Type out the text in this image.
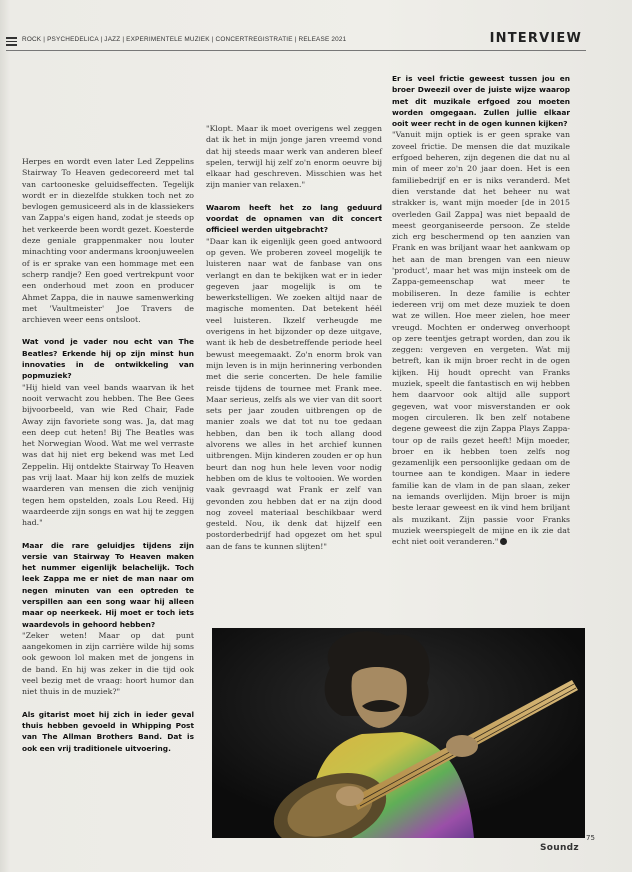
ROCK | PSYCHEDELICA | JAZZ | EXPERIMENTELE MUZIEK | CONCERTREGISTRATIE | RELEASE 2021	INTERVIEW

Herpes en wordt even later Led Zeppelins Stairway To Heaven gedecoreerd met tal van cartooneske geluidseffecten. Tegelijk wordt er in diezelfde stukken toch net zo bevlogen gemusiceerd als in de klassiekers van Zappa's eigen hand, zodat je steeds op het verkeerde been wordt gezet. Koesterde deze geniale grappenmaker nou louter minachting voor andermans kroonjuweelen of is er sprake van een hommage met een scherp randje? Een goed vertrekpunt voor een onderhoud met zoon en producer Ahmet Zappa, die in nauwe samenwerking met 'Vaultmeister' Joe Travers de archieven weer eens ontsloot.

Wat vond je vader nou echt van The Beatles? Erkende hij op zijn minst hun innovaties in de ontwikkeling van popmuziek?

"Hij hield van veel bands waarvan ik het nooit verwacht zou hebben. The Bee Gees bijvoorbeeld, van wie Red Chair, Fade Away zijn favoriete song was. Ja, dat mag een deep cut heten! Bij The Beatles was het Norwegian Wood. Wat me wel verraste was dat hij niet erg bekend was met Led Zeppelin. Hij ontdekte Stairway To Heaven pas vrij laat. Maar hij kon zelfs de muziek waarderen van mensen die zich venijnig tegen hem opstelden, zoals Lou Reed. Hij waardeerde zijn songs en wat hij te zeggen had."

Maar die rare geluidjes tijdens zijn versie van Stairway To Heaven maken het nummer eigenlijk belachelijk. Toch leek Zappa me er niet de man naar om negen minuten van een optreden te verspillen aan een song waar hij alleen maar op neerkeek. Hij moet er toch iets waardevols in gehoord hebben?

"Zeker weten! Maar op dat punt aangekomen in zijn carrière wilde hij soms ook gewoon lol maken met de jongens in de band. En hij was zeker in die tijd ook veel bezig met de vraag: hoort humor dan niet thuis in de muziek?"

Als gitarist moet hij zich in ieder geval thuis hebben gevoeld in Whipping Post van The Allman Brothers Band. Dat is ook een vrij traditionele uitvoering.

"Klopt. Maar ik moet overigens wel zeggen dat ik het in mijn jonge jaren vreemd vond dat hij steeds maar werk van anderen bleef spelen, terwijl hij zelf zo'n enorm oeuvre bij elkaar had geschreven. Misschien was het zijn manier van relaxen."

Waarom heeft het zo lang geduurd voordat de opnamen van dit concert officieel werden uitgebracht?

"Daar kan ik eigenlijk geen goed antwoord op geven. We proberen zoveel mogelijk te luisteren naar wat de fanbase van ons verlangt en dan te bekijken wat er in ieder gegeven jaar mogelijk is om te bewerkstelligen. We zoeken altijd naar de magische momenten. Dat betekent héél veel luisteren. Ikzelf verheugde me overigens in het bijzonder op deze uitgave, want ik heb de desbetreffende periode heel bewust meegemaakt. Zo'n enorm brok van mijn leven is in mijn herinnering verbonden met die serie concerten. De hele familie reisde tijdens de tournee met Frank mee. Maar serieus, zelfs als we vier van dit soort sets per jaar zouden uitbrengen op de manier zoals we dat tot nu toe gedaan hebben, dan ben ik toch allang dood alvorens we alles in het archief kunnen uitbrengen. Mijn kinderen zouden er op hun beurt dan nog hun hele leven voor nodig hebben om de klus te voltooien. We worden vaak gevraagd wat Frank er zelf van gevonden zou hebben dat er na zijn dood nog zoveel materiaal beschikbaar werd gesteld. Nou, ik denk dat hijzelf een postorderbedrijf had opgezet om het spul aan de fans te kunnen slijten!"

Er is veel frictie geweest tussen jou en broer Dweezil over de juiste wijze waarop met dit muzikale erfgoed zou moeten worden omgegaan. Zullen jullie elkaar ooit weer recht in de ogen kunnen kijken?

"Vanuit mijn optiek is er geen sprake van zoveel frictie. De mensen die dat muzikale erfgoed beheren, zijn degenen die dat nu al min of meer zo'n 20 jaar doen. Het is een familiebedrijf en er is niks veranderd. Met dien verstande dat het beheer nu wat strakker is, want mijn moeder [de in 2015 overleden Gail Zappa] was niet bepaald de meest georganiseerde persoon. Ze stelde zich erg beschermend op ten aanzien van Frank en was briljant waar het aankwam op het aan de man brengen van een nieuw 'product', maar het was mijn insteek om de Zappa-gemeenschap wat meer te mobiliseren. In deze familie is echter iedereen vrij om met deze muziek te doen wat ze willen. Hoe meer zielen, hoe meer vreugd. Mochten er onderweg onverhoopt op zere teentjes getrapt worden, dan zou ik zeggen: vergeven en vergeten. Wat mij betreft, kan ik mijn broer recht in de ogen kijken. Hij houdt oprecht van Franks muziek, speelt die fantastisch en wij hebben hem daarvoor ook altijd alle support gegeven, wat voor misverstanden er ook mogen circuleren. Ik ben zelf notabene degene geweest die zijn Zappa Plays Zappa-tour op de rails gezet heeft! Mijn moeder, broer en ik hebben toen zelfs nog gezamenlijk een persoonlijke gedaan om de tournee aan te kondigen. Maar in iedere familie kan de vlam in de pan slaan, zeker na iemands overlijden. Mijn broer is mijn beste leraar geweest en ik vind hem briljant als muzikant. Zijn passie voor Franks muziek weerspiegelt de mijne en ik zie dat echt niet ooit veranderen."

75
Soundz
